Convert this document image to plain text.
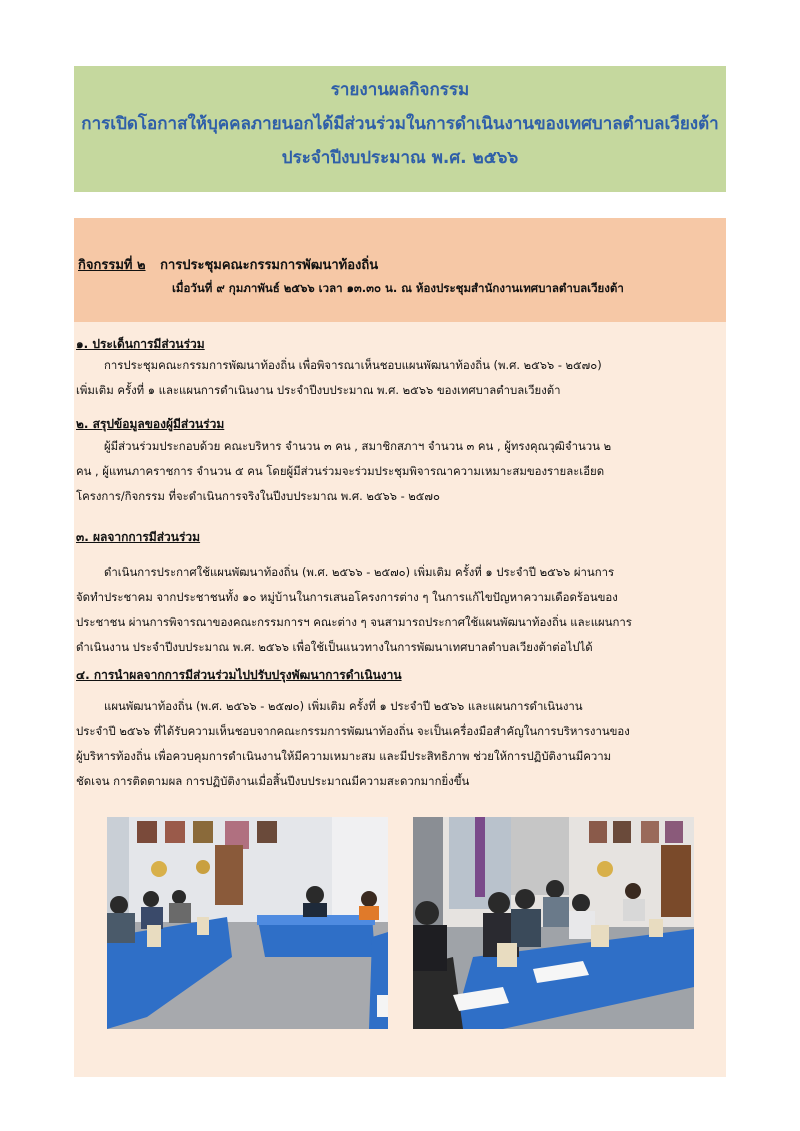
รายงานผลกิจกรรม
การเปิดโอกาสให้บุคคลภายนอกได้มีส่วนร่วมในการดำเนินงานของเทศบาลตำบลเวียงต้า
ประจำปีงบประมาณ พ.ศ. ๒๕๖๖
กิจกรรมที่ ๒ การประชุมคณะกรรมการพัฒนาท้องถิ่น
เมื่อวันที่ ๙ กุมภาพันธ์ ๒๕๖๖ เวลา ๑๓.๓๐ น. ณ ห้องประชุมสำนักงานเทศบาลตำบลเวียงต้า
๑. ประเด็นการมีส่วนร่วม
การประชุมคณะกรรมการพัฒนาท้องถิ่น เพื่อพิจารณาเห็นชอบแผนพัฒนาท้องถิ่น (พ.ศ. ๒๕๖๖ - ๒๕๗๐)
เพิ่มเติม ครั้งที่ ๑ และแผนการดำเนินงาน ประจำปีงบประมาณ พ.ศ. ๒๕๖๖ ของเทศบาลตำบลเวียงต้า
๒. สรุปข้อมูลของผู้มีส่วนร่วม
ผู้มีส่วนร่วมประกอบด้วย คณะบริหาร จำนวน ๓ คน , สมาชิกสภาฯ จำนวน ๓ คน , ผู้ทรงคุณวุฒิจำนวน ๒
คน , ผู้แทนภาคราชการ จำนวน ๕ คน โดยผู้มีส่วนร่วมจะร่วมประชุมพิจารณาความเหมาะสมของรายละเอียด
โครงการ/กิจกรรม ที่จะดำเนินการจริงในปีงบประมาณ พ.ศ. ๒๕๖๖ - ๒๕๗๐
๓. ผลจากการมีส่วนร่วม
ดำเนินการประกาศใช้แผนพัฒนาท้องถิ่น (พ.ศ. ๒๕๖๖ - ๒๕๗๐) เพิ่มเติม ครั้งที่ ๑ ประจำปี ๒๕๖๖ ผ่านการ
จัดทำประชาคม จากประชาชนทั้ง ๑๐ หมู่บ้านในการเสนอโครงการต่าง ๆ ในการแก้ไขปัญหาความเดือดร้อนของ
ประชาชน ผ่านการพิจารณาของคณะกรรมการฯ คณะต่าง ๆ จนสามารถประกาศใช้แผนพัฒนาท้องถิ่น และแผนการ
ดำเนินงาน ประจำปีงบประมาณ พ.ศ. ๒๕๖๖ เพื่อใช้เป็นแนวทางในการพัฒนาเทศบาลตำบลเวียงต้าต่อไปได้
๔. การนำผลจากการมีส่วนร่วมไปปรับปรุงพัฒนาการดำเนินงาน
แผนพัฒนาท้องถิ่น (พ.ศ. ๒๕๖๖ - ๒๕๗๐) เพิ่มเติม ครั้งที่ ๑ ประจำปี ๒๕๖๖ และแผนการดำเนินงาน
ประจำปี ๒๕๖๖ ที่ได้รับความเห็นชอบจากคณะกรรมการพัฒนาท้องถิ่น จะเป็นเครื่องมือสำคัญในการบริหารงานของ
ผู้บริหารท้องถิ่น เพื่อควบคุมการดำเนินงานให้มีความเหมาะสม และมีประสิทธิภาพ ช่วยให้การปฏิบัติงานมีความ
ชัดเจน การติดตามผล การปฏิบัติงานเมื่อสิ้นปีงบประมาณมีความสะดวกมากยิ่งขึ้น
